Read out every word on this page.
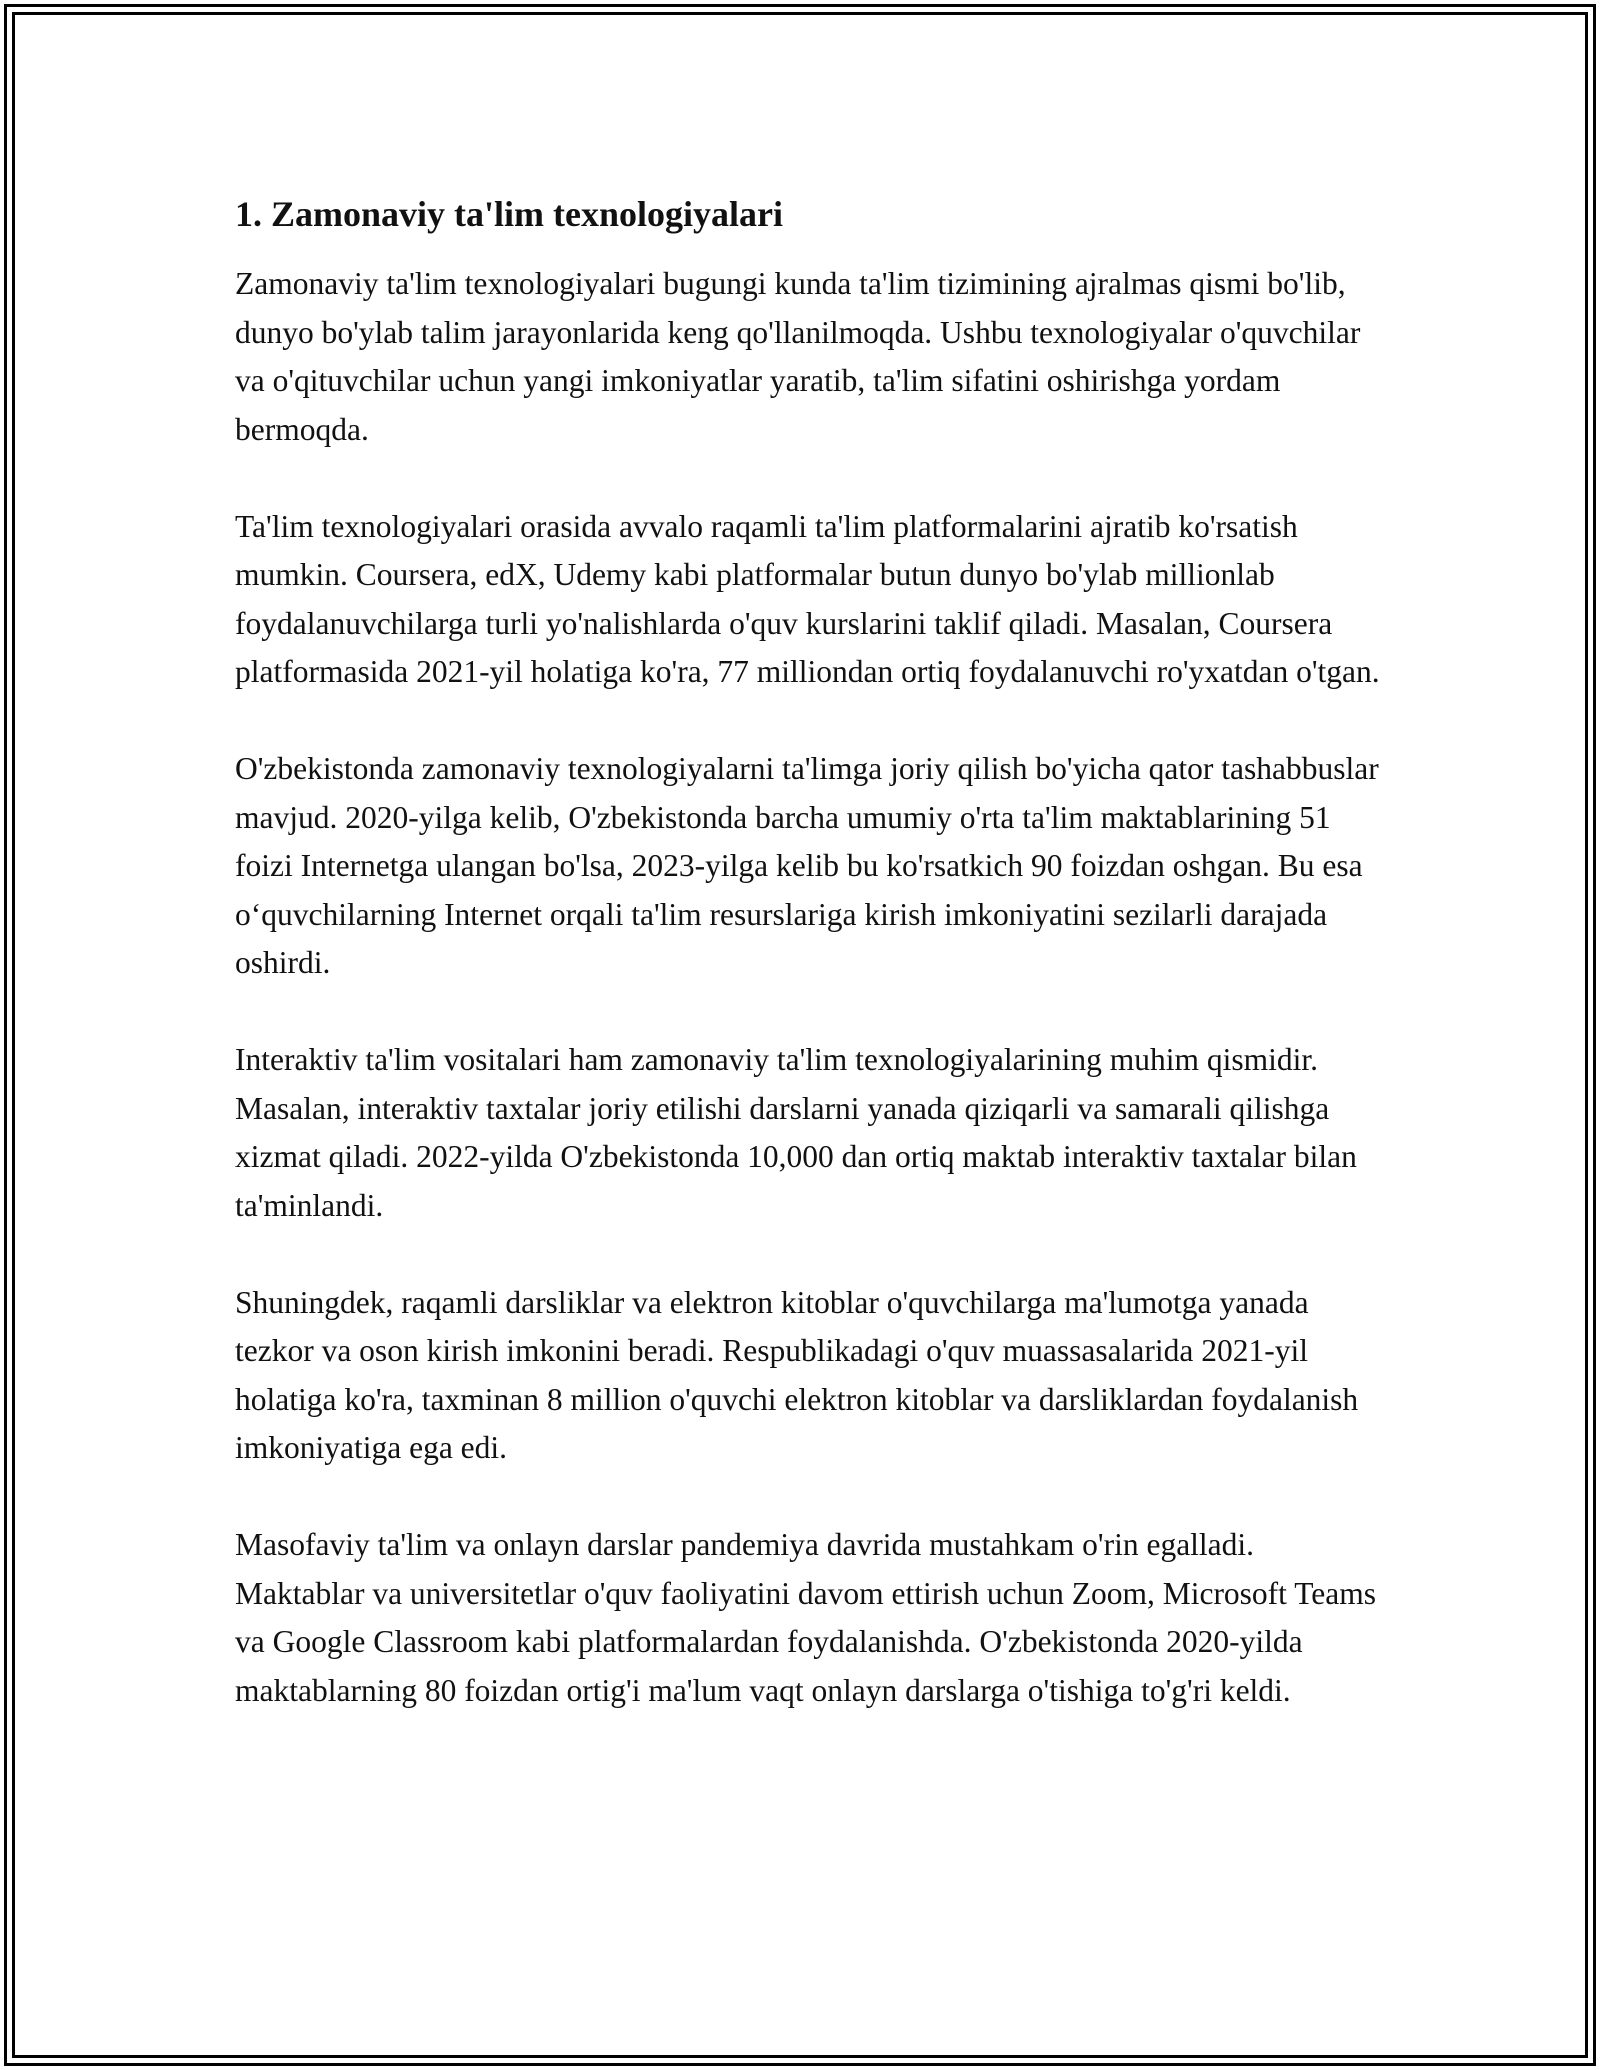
1. Zamonaviy ta'lim texnologiyalari

Zamonaviy ta'lim texnologiyalari bugungi kunda ta'lim tizimining ajralmas qismi bo'lib, dunyo bo'ylab talim jarayonlarida keng qo'llanilmoqda. Ushbu texnologiyalar o'quvchilar va o'qituvchilar uchun yangi imkoniyatlar yaratib, ta'lim sifatini oshirishga yordam bermoqda.

Ta'lim texnologiyalari orasida avvalo raqamli ta'lim platformalarini ajratib ko'rsatish mumkin. Coursera, edX, Udemy kabi platformalar butun dunyo bo'ylab millionlab foydalanuvchilarga turli yo'nalishlarda o'quv kurslarini taklif qiladi. Masalan, Coursera platformasida 2021-yil holatiga ko'ra, 77 milliondan ortiq foydalanuvchi ro'yxatdan o'tgan.

O'zbekistonda zamonaviy texnologiyalarni ta'limga joriy qilish bo'yicha qator tashabbuslar mavjud. 2020-yilga kelib, O'zbekistonda barcha umumiy o'rta ta'lim maktablarining 51 foizi Internetga ulangan bo'lsa, 2023-yilga kelib bu ko'rsatkich 90 foizdan oshgan. Bu esa o‘quvchilarning Internet orqali ta'lim resurslariga kirish imkoniyatini sezilarli darajada oshirdi.

Interaktiv ta'lim vositalari ham zamonaviy ta'lim texnologiyalarining muhim qismidir. Masalan, interaktiv taxtalar joriy etilishi darslarni yanada qiziqarli va samarali qilishga xizmat qiladi. 2022-yilda O'zbekistonda 10,000 dan ortiq maktab interaktiv taxtalar bilan ta'minlandi.

Shuningdek, raqamli darsliklar va elektron kitoblar o'quvchilarga ma'lumotga yanada tezkor va oson kirish imkonini beradi. Respublikadagi o'quv muassasalarida 2021-yil holatiga ko'ra, taxminan 8 million o'quvchi elektron kitoblar va darsliklardan foydalanish imkoniyatiga ega edi.

Masofaviy ta'lim va onlayn darslar pandemiya davrida mustahkam o'rin egalladi. Maktablar va universitetlar o'quv faoliyatini davom ettirish uchun Zoom, Microsoft Teams va Google Classroom kabi platformalardan foydalanishda. O'zbekistonda 2020-yilda maktablarning 80 foizdan ortig'i ma'lum vaqt onlayn darslarga o'tishiga to'g'ri keldi.
